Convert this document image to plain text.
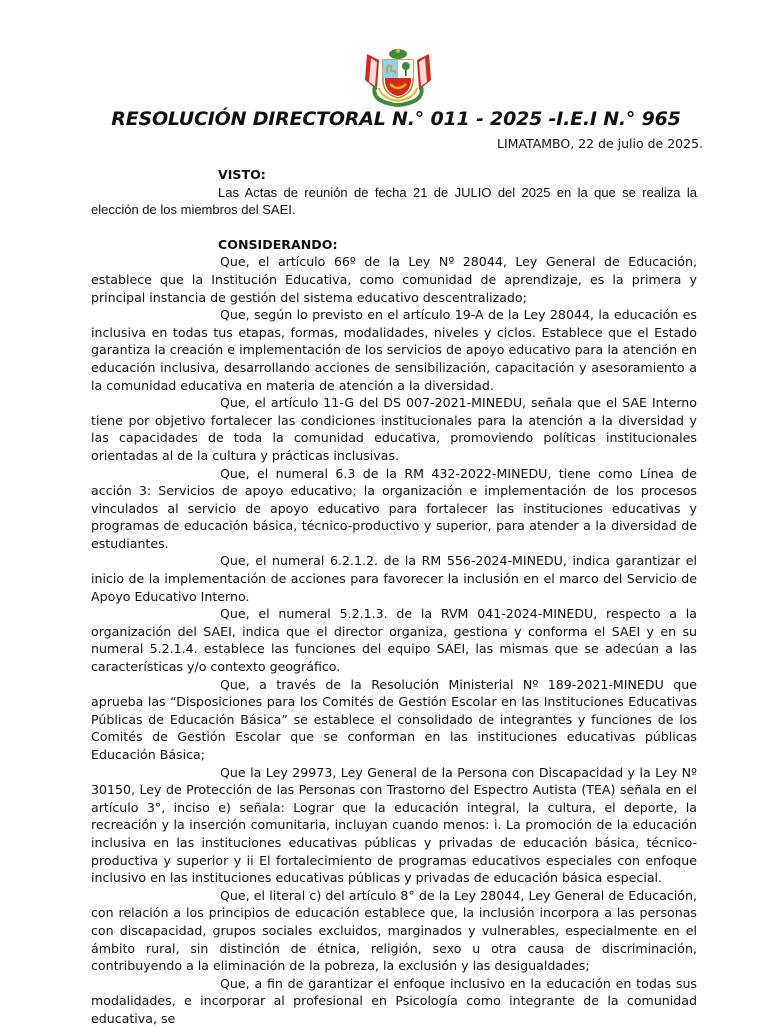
RESOLUCIÓN DIRECTORAL N.° 011 - 2025 -I.E.I N.° 965
LIMATAMBO, 22 de julio de 2025.

VISTO:

Las Actas de reunión de fecha 21 de JULIO del 2025 en la que se realiza la elección de los miembros del SAEI.

CONSIDERANDO:

Que, el artículo 66º de la Ley Nº 28044, Ley General de Educación, establece que la Institución Educativa, como comunidad de aprendizaje, es la primera y principal instancia de gestión del sistema educativo descentralizado;

Que, según lo previsto en el artículo 19-A de la Ley 28044, la educación es inclusiva en todas tus etapas, formas, modalidades, niveles y ciclos. Establece que el Estado garantiza la creación e implementación de los servicios de apoyo educativo para la atención en educación inclusiva, desarrollando acciones de sensibilización, capacitación y asesoramiento a la comunidad educativa en materia de atención a la diversidad.

Que, el artículo 11-G del DS 007-2021-MINEDU, señala que el SAE Interno tiene por objetivo fortalecer las condiciones institucionales para la atención a la diversidad y las capacidades de toda la comunidad educativa, promoviendo políticas institucionales orientadas al de la cultura y prácticas inclusivas.

Que, el numeral 6.3 de la RM 432-2022-MINEDU, tiene como Línea de acción 3: Servicios de apoyo educativo; la organización e implementación de los procesos vinculados al servicio de apoyo educativo para fortalecer las instituciones educativas y programas de educación básica, técnico-productivo y superior, para atender a la diversidad de estudiantes.

Que, el numeral 6.2.1.2. de la RM 556-2024-MINEDU, indica garantizar el inicio de la implementación de acciones para favorecer la inclusión en el marco del Servicio de Apoyo Educativo Interno.

Que, el numeral 5.2.1.3. de la RVM 041-2024-MINEDU, respecto a la organización del SAEI, indica que el director organiza, gestiona y conforma el SAEI y en su numeral 5.2.1.4. establece las funciones del equipo SAEI, las mismas que se adecúan a las características y/o contexto geográfico.

Que, a través de la Resolución Ministerial Nº 189-2021-MINEDU que aprueba las “Disposiciones para los Comités de Gestión Escolar en las Instituciones Educativas Públicas de Educación Básica” se establece el consolidado de integrantes y funciones de los Comités de Gestión Escolar que se conforman en las instituciones educativas públicas Educación Básica;

Que la Ley 29973, Ley General de la Persona con Discapacidad y la Ley Nº 30150, Ley de Protección de las Personas con Trastorno del Espectro Autista (TEA) señala en el artículo 3°, inciso e) señala: Lograr que la educación integral, la cultura, el deporte, la recreación y la inserción comunitaria, incluyan cuando menos: i. La promoción de la educación inclusiva en las instituciones educativas públicas y privadas de educación básica, técnico-productiva y superior y ii El fortalecimiento de programas educativos especiales con enfoque inclusivo en las instituciones educativas públicas y privadas de educación básica especial.

Que, el literal c) del artículo 8° de la Ley 28044, Ley General de Educación, con relación a los principios de educación establece que, la inclusión incorpora a las personas con discapacidad, grupos sociales excluidos, marginados y vulnerables, especialmente en el ámbito rural, sin distinción de étnica, religión, sexo u otra causa de discriminación, contribuyendo a la eliminación de la pobreza, la exclusión y las desigualdades;

Que, a fin de garantizar el enfoque inclusivo en la educación en todas sus modalidades, e incorporar al profesional en Psicología como integrante de la comunidad educativa, se
